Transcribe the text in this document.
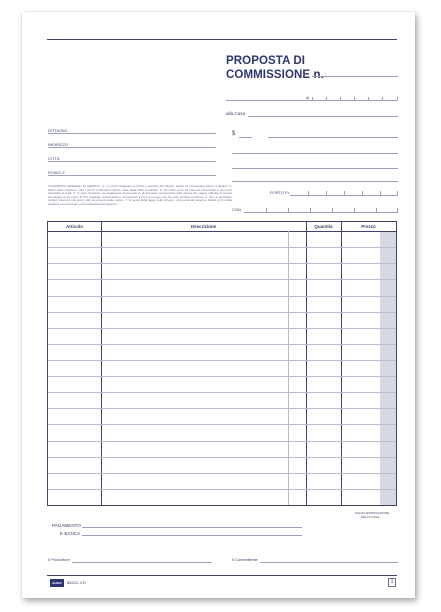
PROPOSTA DI
COMMISSIONE n.
di
alla Casa
DITTA/SIG.
INDIRIZZO
CITTÀ
P.IVA/C.F.
$
CONDIZIONI GENERALI DI VENDITA - 1. Le merci viaggiano a rischio e pericolo del Cliente, anche se consegnate franco a destino. 2. Salvo patto espresso, tutti i prezzi s'intendono franco sede della Ditta venditrice. 3. Gli ordini sono da ritenersi irrevocabili e fermi per entrambe le parti. 4. In caso di ritardo nel pagamento decorreranno gli interessi commerciali nella misura del saggio ufficiale di sconto aumentato di tre punti. 5. Per qualsiasi controversia è competente il Foro del luogo ove ha sede la Ditta venditrice. 6. Non si accettano reclami trascorsi otto giorni dal ricevimento della merce. 7. Ai sensi della legge sulla privacy i dati personali saranno trattati ai fini della gestione commerciale e amministrativa del rapporto.
PORTO Fr.
CON
Articolo	Descrizione	Quantità	Prezzo
SALVO APPROVAZIONE
DELLA CASA
PAGAMENTO
E BANCA
Il Produttore	Il Committente
Buffetti	8822C.CH	1
